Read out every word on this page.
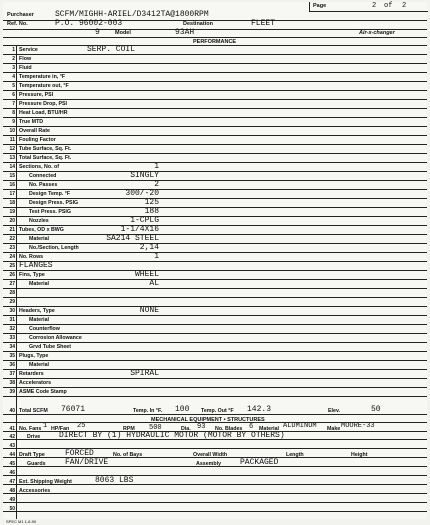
Page	2 of 2
Purchaser	SCFM/MIGHH-ARIEL/D3412TA@1800RPM
Ref. No.	P.O. 96002-003	Destination	FLEET
9	Model	93AH	Air-x-changer
PERFORMANCE
1 Service	SERP. COIL
2 Flow
3 Fluid
4 Temperature in, °F
5 Temperature out, °F
6 Pressure, PSI
7 Pressure Drop, PSI
8 Heat Load, BTU/HR
9 True MTD
10 Overall Rate
11 Fouling Factor
12 Tube Surface, Sq. Ft.
13 Total Surface, Sq. Ft.
14 Sections, No. of	1
15	Connected	SINGLY
16	No. Passes	2
17	Design Temp. °F	300/-20
18	Design Press. PSIG	125
19	Test Press. PSIG	188
20	Nozzles	1-CPLG
21 Tubes, OD x BWG	1-1/4X16
22	Material	SA214 STEEL
23	No./Section, Length	2,14
24 No. Rows	1
25 FLANGES
26 Fins, Type	WHEEL
27	Material	AL
28
29
30 Headers, Type	NONE
31	Material
32	Counterflow
33	Corrosion Allowance
34	Grvd Tube Sheet
35 Plugs, Type
36	Material
37 Retarders	SPIRAL
38 Accelerators
39 ASME Code Stamp
40 Total SCFM 76071	Temp. In °F. 100 Temp. Out °F 142.3	Elev.	50
MECHANICAL EQUIPMENT • STRUCTURES
41 No. Fans 1 HP/Fan 25	RPM 500	Dia. 93 No. Blades 6 Material ALUMINUM Make MOORE-33
42 Drive DIRECT BY (1) HYDRAULIC MOTOR (MOTOR BY OTHERS)
43
44 Draft Type	FORCED	No. of Bays	Overall Width	Length	Height
45 Guards FAN/DRIVE	Assembly PACKAGED
46
47 Ext. Shipping Weight	8063 LBS
48 Accessories
49
50
SPEC M1 1-6-90
